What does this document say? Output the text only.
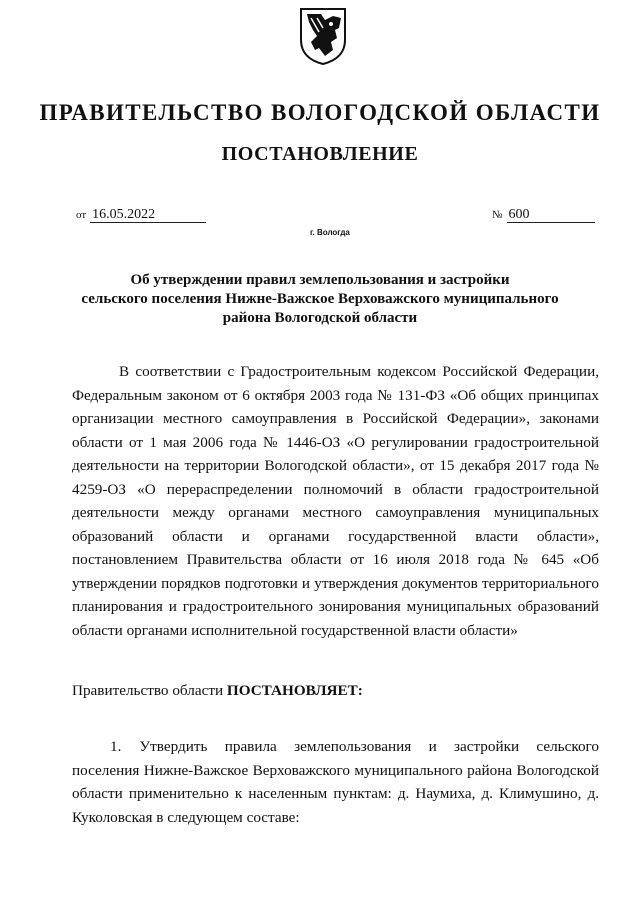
ПРАВИТЕЛЬСТВО ВОЛОГОДСКОЙ ОБЛАСТИ
ПОСТАНОВЛЕНИЕ
от 16.05.2022	№ 600
г. Вологда
Об утверждении правил землепользования и застройки
сельского поселения Нижне-Важское Верховажского муниципального
района Вологодской области

В соответствии с Градостроительным кодексом Российской Федерации, Федеральным законом от 6 октября 2003 года № 131-ФЗ «Об общих принципах организации местного самоуправления в Российской Федерации», законами области от 1 мая 2006 года № 1446-ОЗ «О регулировании градостроительной деятельности на территории Вологодской области», от 15 декабря 2017 года № 4259-ОЗ «О перераспределении полномочий в области градостроительной деятельности между органами местного самоуправления муниципальных образований области и органами государственной власти области», постановлением Правительства области от 16 июля 2018 года № 645 «Об утверждении порядков подготовки и утверждения документов территориального планирования и градостроительного зонирования муниципальных образований области органами исполнительной государственной власти области»

Правительство области ПОСТАНОВЛЯЕТ:
1. Утвердить правила землепользования и застройки сельского поселения Нижне-Важское Верховажского муниципального района Вологодской области применительно к населенным пунктам: д. Наумиха, д. Климушино, д. Куколовская в следующем составе:
